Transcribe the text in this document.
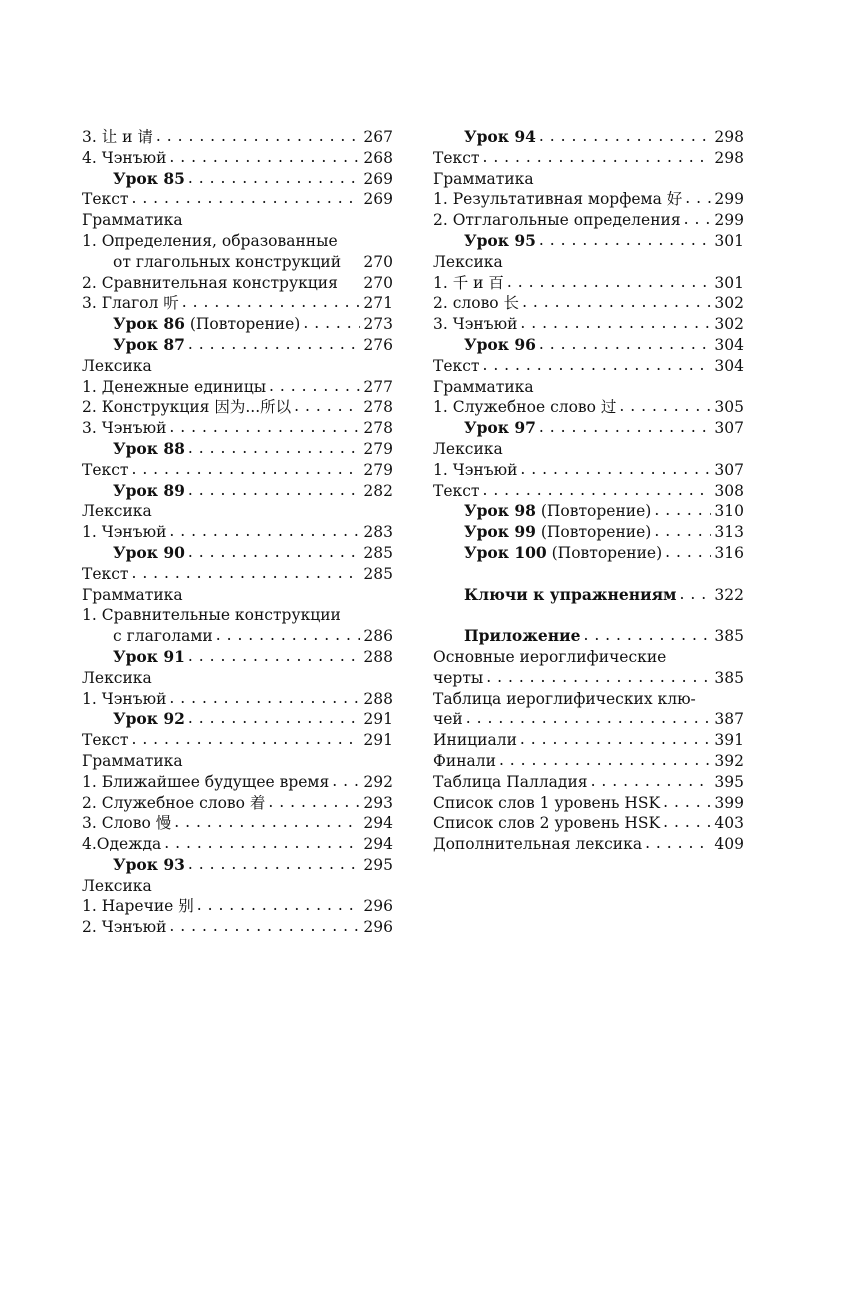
3. 让 и 请 . . .	267
4. Чэнъюй . . .	268
Урок 85 . . .	269
Текст . . .	269
Грамматика
1. Определения, образованные
от глагольных конструкций 270
2. Сравнительная конструкция 270
3. Глагол 听 . . .	271
Урок 86 (Повторение) . . .	273
Урок 87 . . .	276
Лексика
1. Денежные единицы . . .	277
2. Конструкция 因为...所以 . . .	278
3. Чэнъюй . . .	278
Урок 88 . . .	279
Текст . . .	279
Урок 89 . . .	282
Лексика
1. Чэнъюй . . .	283
Урок 90 . . .	285
Текст . . .	285
Грамматика
1. Сравнительные конструкции
с глаголами . . .	286
Урок 91 . . .	288
Лексика
1. Чэнъюй . . .	288
Урок 92 . . .	291
Текст . . .	291
Грамматика
1. Ближайшее будущее время . . . 292
2. Служебное слово 着 . . .	293
3. Слово 慢 . . .	294
4.Одежда . . .	294
Урок 93 . . .	295
Лексика
1. Наречие 别 . . .	296
2. Чэнъюй . . .	296
Урок 94 . . .	298
Текст . . .	298
Грамматика
1. Результативная морфема 好 . . . 299
2. Отглагольные определения . . . 299
Урок 95 . . .	301
Лексика
1. 千 и 百 . . .	301
2. слово 长 . . .	302
3. Чэнъюй . . .	302
Урок 96 . . .	304
Текст . . .	304
Грамматика
1. Служебное слово 过 . . .	305
Урок 97 . . .	307
Лексика
1. Чэнъюй . . .	307
Текст . . .	308
Урок 98 (Повторение) . . .	310
Урок 99 (Повторение) . . .	313
Урок 100 (Повторение) . . .	316
Ключи к упражнениям . . . 322
Приложение . . .	385
Основные иероглифические
черты . . .	385
Таблица иероглифических клю-
чей . . .	387
Инициали . . .	391
Финали . . .	392
Таблица Палладия . . .	395
Список слов 1 уровень HSK . . .	399
Список слов 2 уровень HSK . . .	403
Дополнительная лексика . . .	409
